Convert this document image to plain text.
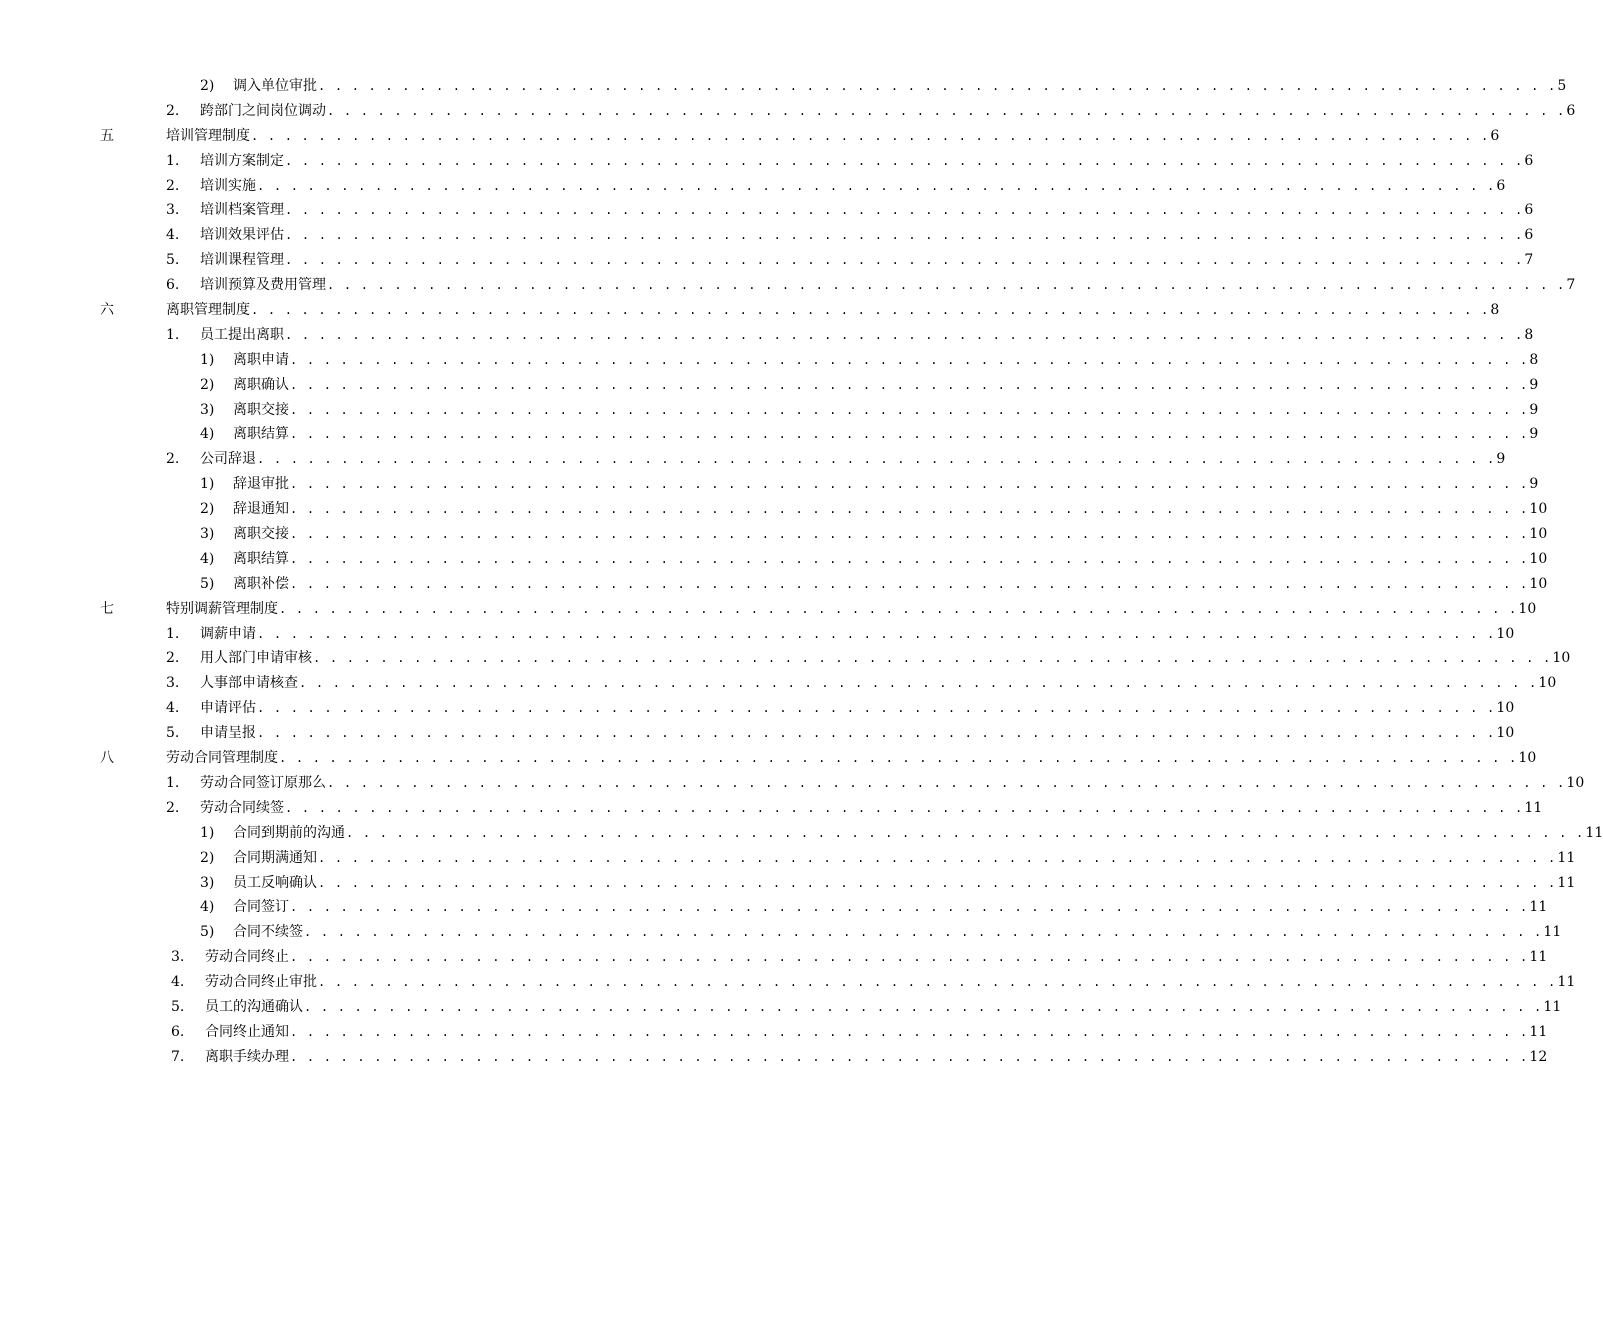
2) 调入单位审批 . . . . . . . . . . . . . . . . . . . . . . . . . . . . . . . . . . . . . . . . . . . . . . . . . . . . . . . . . . . . . . . . . . . . . . . . . . 5
2. 跨部门之间岗位调动 . . . . . . . . . . . . . . . . . . . . . . . . . . . . . . . . . . . . . . . . . . . . . . . . . . . . . . . . . . . . . . . . . . . . . . . . . . 6
五	培训管理制度 . . . . . . . . . . . . . . . . . . . . . . . . . . . . . . . . . . . . . . . . . . . . . . . . . . . . . . . . . . . . . . . . . . . . . . . . . . 6
1. 培训方案制定 . . . . . . . . . . . . . . . . . . . . . . . . . . . . . . . . . . . . . . . . . . . . . . . . . . . . . . . . . . . . . . . . . . . . . . . . . . 6
2. 培训实施 . . . . . . . . . . . . . . . . . . . . . . . . . . . . . . . . . . . . . . . . . . . . . . . . . . . . . . . . . . . . . . . . . . . . . . . . . . 6
3. 培训档案管理 . . . . . . . . . . . . . . . . . . . . . . . . . . . . . . . . . . . . . . . . . . . . . . . . . . . . . . . . . . . . . . . . . . . . . . . . . . 6
4. 培训效果评估 . . . . . . . . . . . . . . . . . . . . . . . . . . . . . . . . . . . . . . . . . . . . . . . . . . . . . . . . . . . . . . . . . . . . . . . . . . 6
5. 培训课程管理 . . . . . . . . . . . . . . . . . . . . . . . . . . . . . . . . . . . . . . . . . . . . . . . . . . . . . . . . . . . . . . . . . . . . . . . . . . 7
6. 培训预算及费用管理 . . . . . . . . . . . . . . . . . . . . . . . . . . . . . . . . . . . . . . . . . . . . . . . . . . . . . . . . . . . . . . . . . . . . . . . . . . 7
六	离职管理制度 . . . . . . . . . . . . . . . . . . . . . . . . . . . . . . . . . . . . . . . . . . . . . . . . . . . . . . . . . . . . . . . . . . . . . . . . . . 8
1. 员工提出离职 . . . . . . . . . . . . . . . . . . . . . . . . . . . . . . . . . . . . . . . . . . . . . . . . . . . . . . . . . . . . . . . . . . . . . . . . . . 8
1) 离职申请 . . . . . . . . . . . . . . . . . . . . . . . . . . . . . . . . . . . . . . . . . . . . . . . . . . . . . . . . . . . . . . . . . . . . . . . . . . 8
2) 离职确认 . . . . . . . . . . . . . . . . . . . . . . . . . . . . . . . . . . . . . . . . . . . . . . . . . . . . . . . . . . . . . . . . . . . . . . . . . . 9
3) 离职交接 . . . . . . . . . . . . . . . . . . . . . . . . . . . . . . . . . . . . . . . . . . . . . . . . . . . . . . . . . . . . . . . . . . . . . . . . . . 9
4) 离职结算 . . . . . . . . . . . . . . . . . . . . . . . . . . . . . . . . . . . . . . . . . . . . . . . . . . . . . . . . . . . . . . . . . . . . . . . . . . 9
2. 公司辞退 . . . . . . . . . . . . . . . . . . . . . . . . . . . . . . . . . . . . . . . . . . . . . . . . . . . . . . . . . . . . . . . . . . . . . . . . . . 9
1) 辞退审批 . . . . . . . . . . . . . . . . . . . . . . . . . . . . . . . . . . . . . . . . . . . . . . . . . . . . . . . . . . . . . . . . . . . . . . . . . . 9
2) 辞退通知 . . . . . . . . . . . . . . . . . . . . . . . . . . . . . . . . . . . . . . . . . . . . . . . . . . . . . . . . . . . . . . . . . . . . . . . . . . 10
3) 离职交接 . . . . . . . . . . . . . . . . . . . . . . . . . . . . . . . . . . . . . . . . . . . . . . . . . . . . . . . . . . . . . . . . . . . . . . . . . . 10
4) 离职结算 . . . . . . . . . . . . . . . . . . . . . . . . . . . . . . . . . . . . . . . . . . . . . . . . . . . . . . . . . . . . . . . . . . . . . . . . . . 10
5) 离职补偿 . . . . . . . . . . . . . . . . . . . . . . . . . . . . . . . . . . . . . . . . . . . . . . . . . . . . . . . . . . . . . . . . . . . . . . . . . . 10
七	特别调薪管理制度 . . . . . . . . . . . . . . . . . . . . . . . . . . . . . . . . . . . . . . . . . . . . . . . . . . . . . . . . . . . . . . . . . . . . . . . . . . 10
1. 调薪申请 . . . . . . . . . . . . . . . . . . . . . . . . . . . . . . . . . . . . . . . . . . . . . . . . . . . . . . . . . . . . . . . . . . . . . . . . . . 10
2. 用人部门申请审核 . . . . . . . . . . . . . . . . . . . . . . . . . . . . . . . . . . . . . . . . . . . . . . . . . . . . . . . . . . . . . . . . . . . . . . . . . . 10
3. 人事部申请核查 . . . . . . . . . . . . . . . . . . . . . . . . . . . . . . . . . . . . . . . . . . . . . . . . . . . . . . . . . . . . . . . . . . . . . . . . . . 10
4. 申请评估 . . . . . . . . . . . . . . . . . . . . . . . . . . . . . . . . . . . . . . . . . . . . . . . . . . . . . . . . . . . . . . . . . . . . . . . . . . 10
5. 申请呈报 . . . . . . . . . . . . . . . . . . . . . . . . . . . . . . . . . . . . . . . . . . . . . . . . . . . . . . . . . . . . . . . . . . . . . . . . . . 10
八	劳动合同管理制度 . . . . . . . . . . . . . . . . . . . . . . . . . . . . . . . . . . . . . . . . . . . . . . . . . . . . . . . . . . . . . . . . . . . . . . . . . . 10
1. 劳动合同签订原那么 . . . . . . . . . . . . . . . . . . . . . . . . . . . . . . . . . . . . . . . . . . . . . . . . . . . . . . . . . . . . . . . . . . . . . . . . . . 10
2. 劳动合同续签 . . . . . . . . . . . . . . . . . . . . . . . . . . . . . . . . . . . . . . . . . . . . . . . . . . . . . . . . . . . . . . . . . . . . . . . . . . 11
1) 合同到期前的沟通 . . . . . . . . . . . . . . . . . . . . . . . . . . . . . . . . . . . . . . . . . . . . . . . . . . . . . . . . . . . . . . . . . . . . . . . . . . 11
2) 合同期满通知 . . . . . . . . . . . . . . . . . . . . . . . . . . . . . . . . . . . . . . . . . . . . . . . . . . . . . . . . . . . . . . . . . . . . . . . . . . 11
3) 员工反响确认 . . . . . . . . . . . . . . . . . . . . . . . . . . . . . . . . . . . . . . . . . . . . . . . . . . . . . . . . . . . . . . . . . . . . . . . . . . 11
4) 合同签订 . . . . . . . . . . . . . . . . . . . . . . . . . . . . . . . . . . . . . . . . . . . . . . . . . . . . . . . . . . . . . . . . . . . . . . . . . . 11
5) 合同不续签 . . . . . . . . . . . . . . . . . . . . . . . . . . . . . . . . . . . . . . . . . . . . . . . . . . . . . . . . . . . . . . . . . . . . . . . . . . 11
3. 劳动合同终止 . . . . . . . . . . . . . . . . . . . . . . . . . . . . . . . . . . . . . . . . . . . . . . . . . . . . . . . . . . . . . . . . . . . . . . . . . . 11
4. 劳动合同终止审批 . . . . . . . . . . . . . . . . . . . . . . . . . . . . . . . . . . . . . . . . . . . . . . . . . . . . . . . . . . . . . . . . . . . . . . . . . . 11
5. 员工的沟通确认 . . . . . . . . . . . . . . . . . . . . . . . . . . . . . . . . . . . . . . . . . . . . . . . . . . . . . . . . . . . . . . . . . . . . . . . . . . 11
6. 合同终止通知 . . . . . . . . . . . . . . . . . . . . . . . . . . . . . . . . . . . . . . . . . . . . . . . . . . . . . . . . . . . . . . . . . . . . . . . . . . 11
7. 离职手续办理 . . . . . . . . . . . . . . . . . . . . . . . . . . . . . . . . . . . . . . . . . . . . . . . . . . . . . . . . . . . . . . . . . . . . . . . . . . 12
